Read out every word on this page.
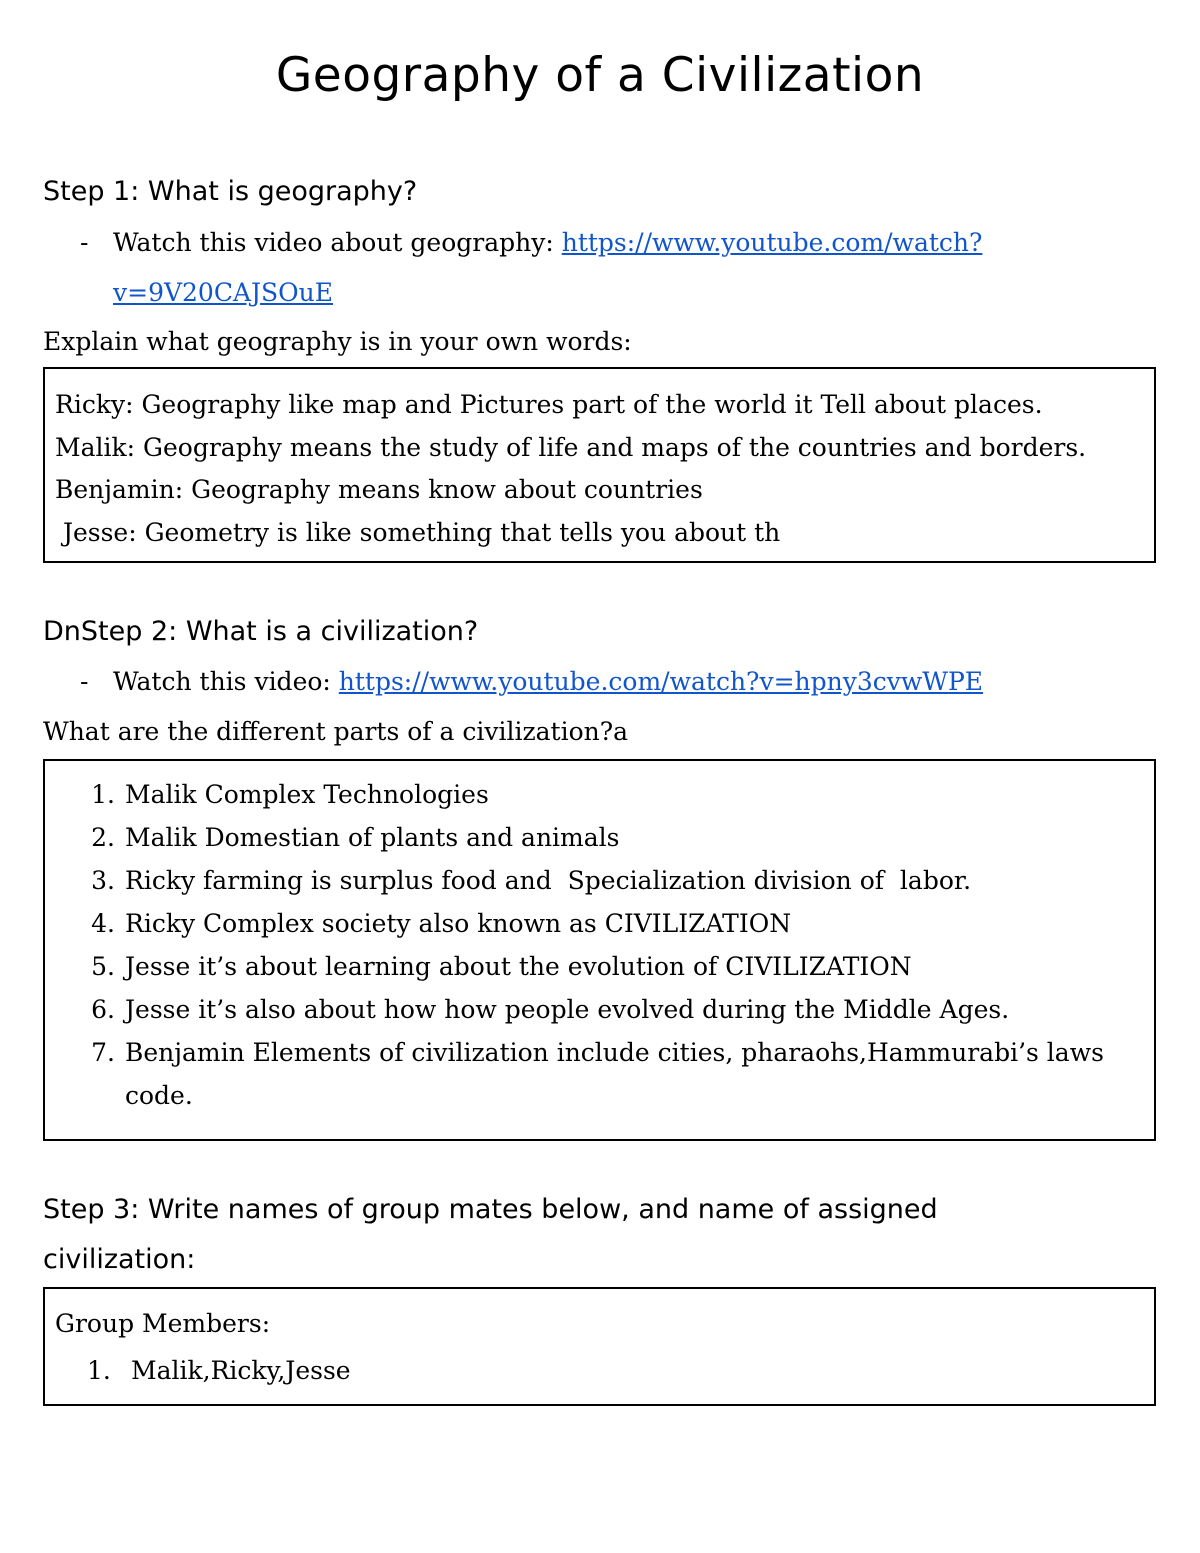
Geography of a Civilization
Step 1: What is geography?
- Watch this video about geography: https://www.youtube.com/watch?
v=9V20CAJSOuE
Explain what geography is in your own words:
Ricky: Geography like map and Pictures part of the world it Tell about places.
Malik: Geography means the study of life and maps of the countries and borders.
Benjamin: Geography means know about countries
Jesse: Geometry is like something that tells you about th
DnStep 2: What is a civilization?
- Watch this video: https://www.youtube.com/watch?v=hpny3cvwWPE
What are the different parts of a civilization?a
1. Malik Complex Technologies
2. Malik Domestian of plants and animals
3. Ricky farming is surplus food and  Specialization division of  labor.
4. Ricky Complex society also known as CIVILIZATION
5. Jesse it’s about learning about the evolution of CIVILIZATION
6. Jesse it’s also about how how people evolved during the Middle Ages.
7. Benjamin Elements of civilization include cities, pharaohs,Hammurabi’s laws code.
Step 3: Write names of group mates below, and name of assigned
civilization:
Group Members:
1. Malik,Ricky,Jesse
